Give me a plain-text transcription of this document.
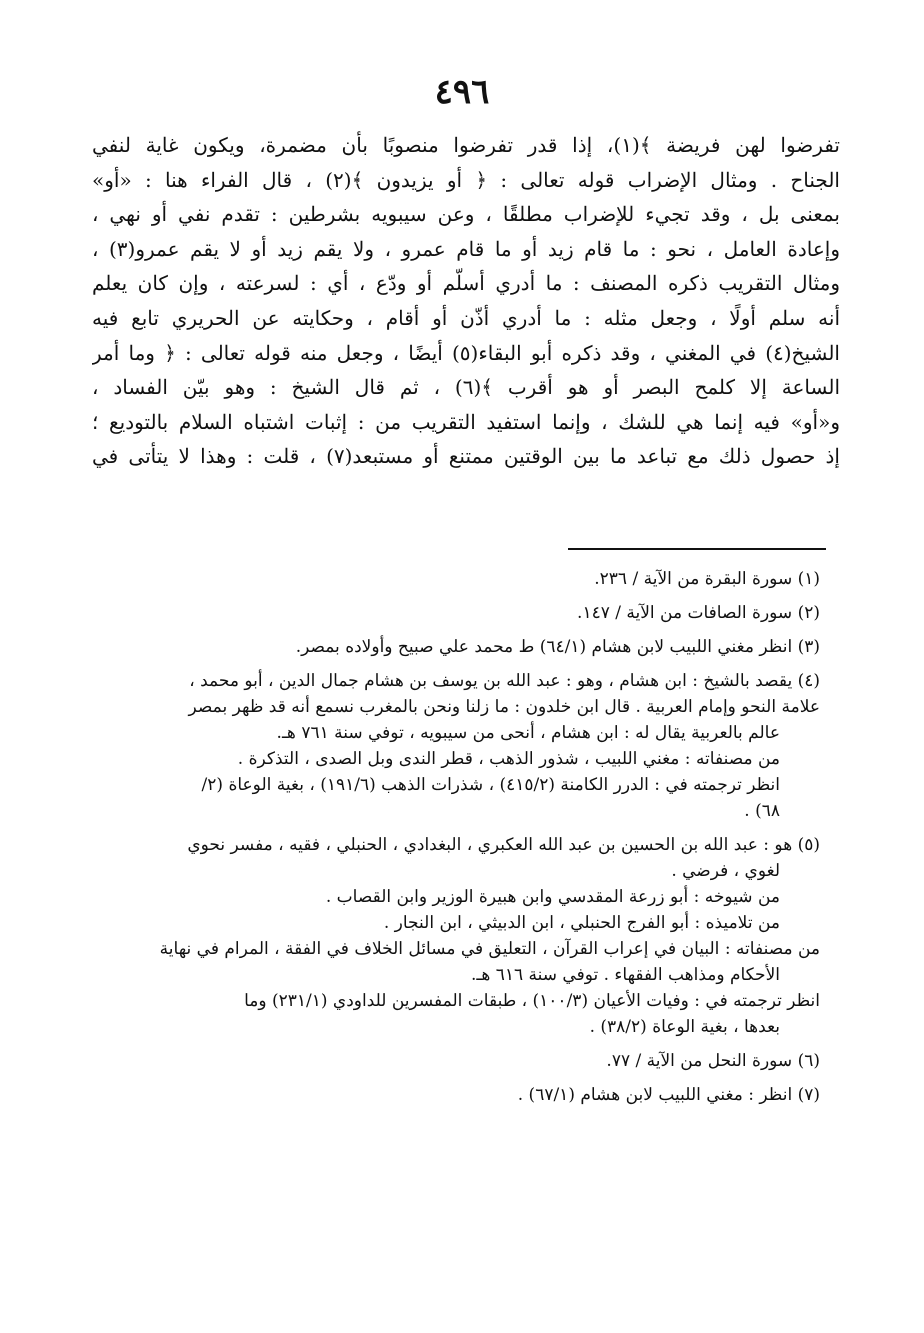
٤٩٦
تفرضوا لهن فريضة ﴾(١)، إذا قدر تفرضوا منصوبًا بأن مضمرة، ويكون غاية لنفي
الجناح . ومثال الإضراب قوله تعالى : ﴿ أو يزيدون ﴾(٢) ، قال الفراء هنا : «أو»
بمعنى بل ، وقد تجيء للإضراب مطلقًا ، وعن سيبويه بشرطين : تقدم نفي أو نهي ،
وإعادة العامل ، نحو : ما قام زيد أو ما قام عمرو ، ولا يقم زيد أو لا يقم عمرو(٣) ،
ومثال التقريب ذكره المصنف : ما أدري أسلّم أو ودّع ، أي : لسرعته ، وإن كان يعلم
أنه سلم أولًا ، وجعل مثله : ما أدري أذّن أو أقام ، وحكايته عن الحريري تابع فيه
الشيخ(٤) في المغني ، وقد ذكره أبو البقاء(٥) أيضًا ، وجعل منه قوله تعالى : ﴿ وما أمر
الساعة إلا كلمح البصر أو هو أقرب ﴾(٦) ، ثم قال الشيخ : وهو بيّن الفساد ،
و«أو» فيه إنما هي للشك ، وإنما استفيد التقريب من : إثبات اشتباه السلام بالتوديع ؛
إذ حصول ذلك مع تباعد ما بين الوقتين ممتنع أو مستبعد(٧) ، قلت : وهذا لا يتأتى في
(١) سورة البقرة من الآية / ٢٣٦.
(٢) سورة الصافات من الآية / ١٤٧.
(٣) انظر مغني اللبيب لابن هشام (٦٤/١) ط محمد علي صبيح وأولاده بمصر.
(٤) يقصد بالشيخ : ابن هشام ، وهو : عبد الله بن يوسف بن هشام جمال الدين ، أبو محمد ،
علامة النحو وإمام العربية . قال ابن خلدون : ما زلنا ونحن بالمغرب نسمع أنه قد ظهر بمصر
عالم بالعربية يقال له : ابن هشام ، أنحى من سيبويه ، توفي سنة ٧٦١ هـ.
من مصنفاته : مغني اللبيب ، شذور الذهب ، قطر الندى وبل الصدى ، التذكرة .
انظر ترجمته في : الدرر الكامنة (٤١٥/٢) ، شذرات الذهب (١٩١/٦) ، بغية الوعاة (٢/
٦٨) .
(٥) هو : عبد الله بن الحسين بن عبد الله العكبري ، البغدادي ، الحنبلي ، فقيه ، مفسر نحوي
لغوي ، فرضي .
من شيوخه : أبو زرعة المقدسي وابن هبيرة الوزير وابن القصاب .
من تلاميذه : أبو الفرج الحنبلي ، ابن الدبيثي ، ابن النجار .
من مصنفاته : البيان في إعراب القرآن ، التعليق في مسائل الخلاف في الفقة ، المرام في نهاية
الأحكام ومذاهب الفقهاء . توفي سنة ٦١٦ هـ.
انظر ترجمته في : وفيات الأعيان (١٠٠/٣) ، طبقات المفسرين للداودي (٢٣١/١) وما
بعدها ، بغية الوعاة (٣٨/٢) .
(٦) سورة النحل من الآية / ٧٧.
(٧) انظر : مغني اللبيب لابن هشام (٦٧/١) .
